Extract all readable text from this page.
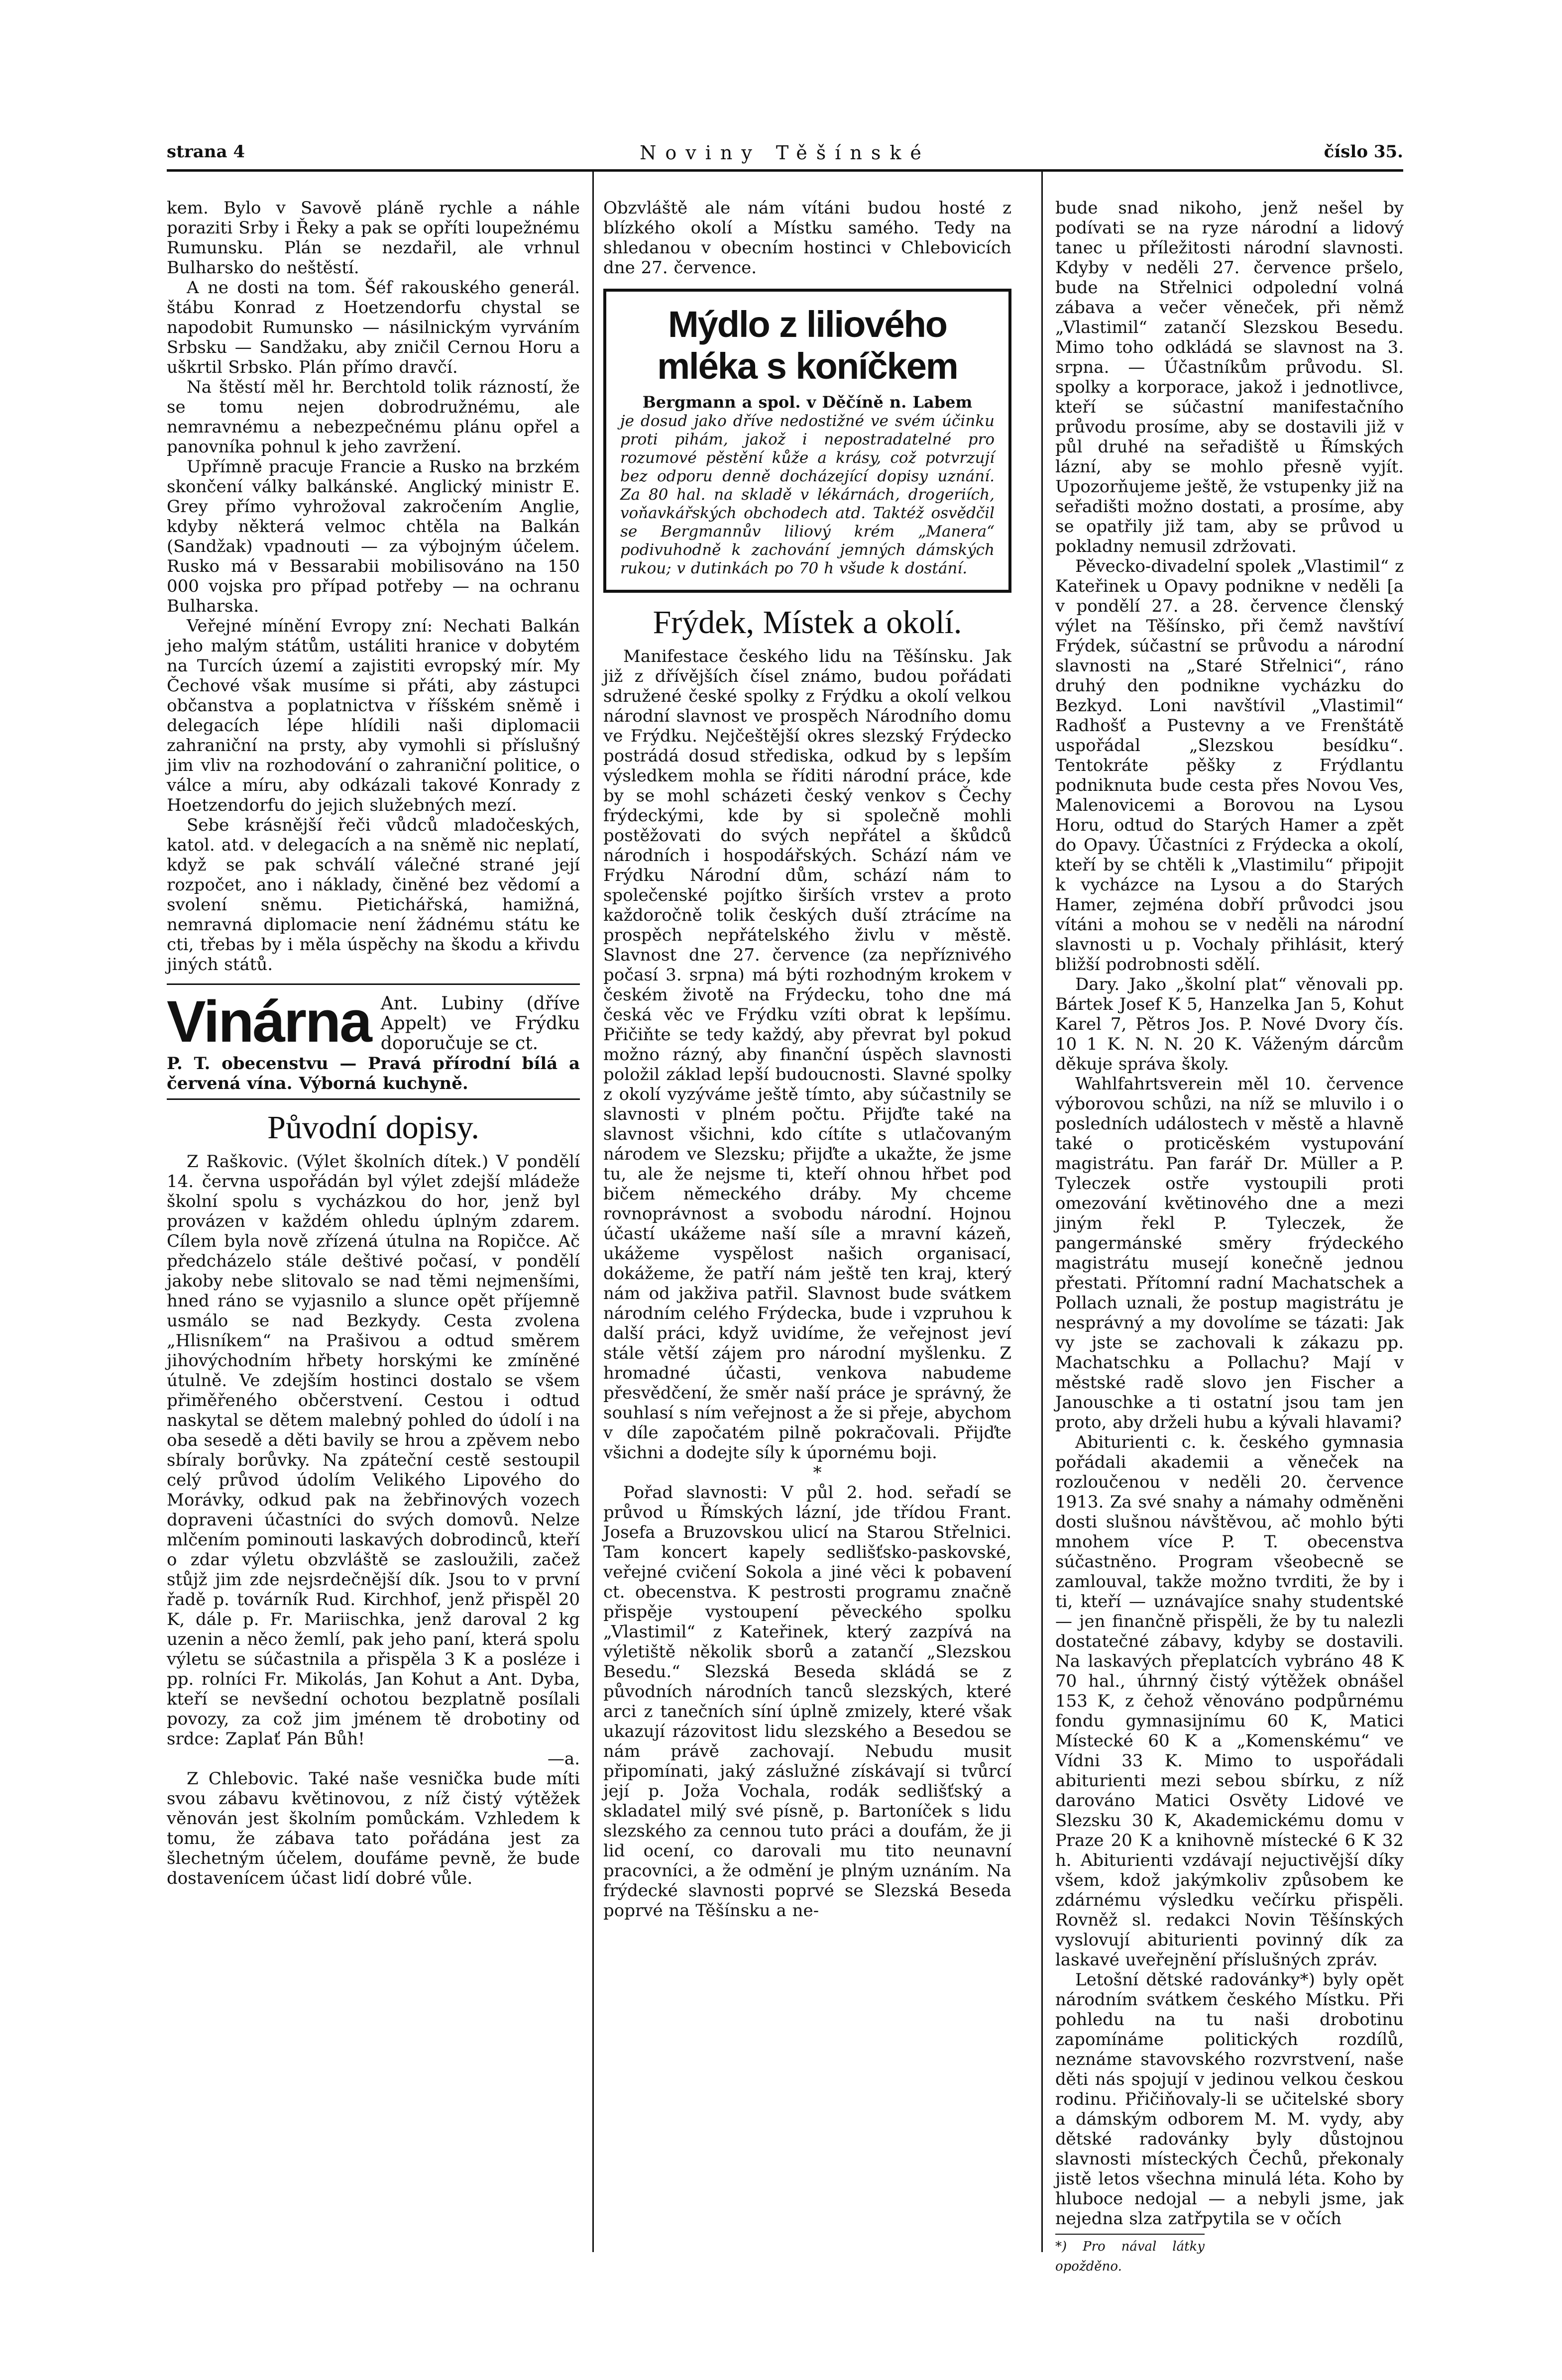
strana 4	Noviny Těšínské	číslo 35.

kem. Bylo v Savově plánĕ rychle a náhle poraziti Srby i Řeky a pak se opříti loupežnému Rumunsku. Plán se nezdařil, ale vrhnul Bulharsko do neštěstí.

A ne dosti na tom. Šéf rakouského generál. štábu Konrad z Hoetzendorfu chystal se napodobit Rumunsko — násilnickým vyrváním Srbsku — Sandžaku, aby zničil Cernou Horu a uškrtil Srbsko. Plán přímo dravčí.

Na štěstí měl hr. Berchtold tolik rázností, že se tomu nejen dobrodružnému, ale nemravnému a nebezpečnému plánu opřel a panovníka pohnul k jeho zavržení.

Upřímně pracuje Francie a Rusko na brzkém skončení války balkánské. Anglický ministr E. Grey přímo vyhrožoval zakročením Anglie, kdyby některá velmoc chtěla na Balkán (Sandžak) vpadnouti — za výbojným účelem. Rusko má v Bessarabii mobilisováno na 150 000 vojska pro případ potřeby — na ochranu Bulharska.

Veřejné mínění Evropy zní: Nechati Balkán jeho malým státům, ustáliti hranice v dobytém na Turcích území a zajistiti evropský mír. My Čechové však musíme si přáti, aby zástupci občanstva a poplatnictva v říšském sněmě i delegacích lépe hlídili naši diplomacii zahraniční na prsty, aby vymohli si příslušný jim vliv na rozhodování o zahraniční politice, o válce a míru, aby odkázali takové Konrady z Hoetzendorfu do jejich služebných mezí.

Sebe krásnější řeči vůdců mladočeských, katol. atd. v delegacích a na sněmě nic neplatí, když se pak schválí válečné strané její rozpočet, ano i náklady, činěné bez vědomí a svolení sněmu. Pietichářská, hamižná, nemravná diplomacie není žádnému státu ke cti, třebas by i měla úspěchy na škodu a křivdu jiných států.

Vinárna Ant. Lubiny (dříve Appelt) ve Frýdku doporučuje se ct.
P. T. obecenstvu — Pravá přírodní bílá a červená vína. Výborná kuchyně.
Původní dopisy.

Z Raškovic. (Výlet školních dítek.) V pondělí 14. června uspořádán byl výlet zdejší mládeže školní spolu s vycházkou do hor, jenž byl provázen v každém ohledu úplným zdarem. Cílem byla nově zřízená útulna na Ropičce. Ač předcházelo stále deštivé počasí, v pondělí jakoby nebe slitovalo se nad těmi nejmenšími, hned ráno se vyjasnilo a slunce opět příjemně usmálo se nad Bezkydy. Cesta zvolena „Hlisníkem“ na Prašivou a odtud směrem jihovýchodním hřbety horskými ke zmíněné útulně. Ve zdejším hostinci dostalo se všem přiměřeného občerstvení. Cestou i odtud naskytal se dětem malebný pohled do údolí i na oba sesedě a děti bavily se hrou a zpěvem nebo sbíraly borůvky. Na zpáteční cestě sestoupil celý průvod údolím Velikého Lipového do Morávky, odkud pak na žebřinových vozech dopraveni účastníci do svých domovů. Nelze mlčením pominouti laskavých dobrodinců, kteří o zdar výletu obzvláště se zasloužili, začež stůjž jim zde nejsrdečnější dík. Jsou to v první řadě p. továrník Rud. Kirchhof, jenž přispěl 20 K, dále p. Fr. Mariischka, jenž daroval 2 kg uzenin a něco žemlí, pak jeho paní, která spolu výletu se súčastnila a přispěla 3 K a posléze i pp. rolníci Fr. Mikolás, Jan Kohut a Ant. Dyba, kteří se nevšední ochotou bezplatně posílali povozy, za což jim jménem tě drobotiny od srdce: Zaplať Pán Bůh!

—a.

Z Chlebovic. Také naše vesnička bude míti svou zábavu květinovou, z níž čistý výtěžek věnován jest školním pomůckám. Vzhledem k tomu, že zábava tato pořádána jest za šlechetným účelem, doufáme pevně, že bude dostavenícem účast lidí dobré vůle.

Obzvláště ale nám vítáni budou hosté z blízkého okolí a Místku samého. Tedy na shledanou v obecním hostinci v Chlebovicích dne 27. července.

Mýdlo z liliového mléka s koníčkem
Bergmann a spol. v Děčíně n. Labem
je dosud jako dříve nedostižné ve svém účinku proti pihám, jakož i nepostradatelné pro rozumové pěstění kůže a krásy, což potvrzují bez odporu denně docházející dopisy uznání. Za 80 hal. na skladě v lékárnách, drogeriích, voňavkářských obchodech atd. Taktéž osvědčil se Bergmannův liliový krém „Manera“ podivuhodně k zachování jemných dámských rukou; v dutinkách po 70 h všude k dostání.
Frýdek, Místek a okolí.

Manifestace českého lidu na Těšínsku. Jak již z dřívějších čísel známo, budou pořádati sdružené české spolky z Frýdku a okolí velkou národní slavnost ve prospěch Národního domu ve Frýdku. Nejčeštější okres slezský Frýdecko postrádá dosud střediska, odkud by s lepším výsledkem mohla se říditi národní práce, kde by se mohl scházeti český venkov s Čechy frýdeckými, kde by si společně mohli postěžovati do svých nepřátel a škůdců národních i hospodářských. Schází nám ve Frýdku Národní dům, schází nám to společenské pojítko širších vrstev a proto každoročně tolik českých duší ztrácíme na prospěch nepřátelského živlu v městě. Slavnost dne 27. července (za nepříznivého počasí 3. srpna) má býti rozhodným krokem v českém životě na Frýdecku, toho dne má česká věc ve Frýdku vzíti obrat k lepšímu. Přičiňte se tedy každý, aby převrat byl pokud možno rázný, aby finanční úspěch slavnosti položil základ lepší budoucnosti. Slavné spolky z okolí vyzýváme ještě tímto, aby súčastnily se slavnosti v plném počtu. Přijďte také na slavnost všichni, kdo cítíte s utlačovaným národem ve Slezsku; přijďte a ukažte, že jsme tu, ale že nejsme ti, kteří ohnou hřbet pod bičem německého dráby. My chceme rovnoprávnost a svobodu národní. Hojnou účastí ukážeme naší síle a mravní kázeň, ukážeme vyspělost našich organisací, dokážeme, že patří nám ještě ten kraj, který nám od jakživa patřil. Slavnost bude svátkem národním celého Frýdecka, bude i vzpruhou k další práci, když uvidíme, že veřejnost jeví stále větší zájem pro národní myšlenku. Z hromadné účasti, venkova nabudeme přesvědčení, že směr naší práce je správný, že souhlasí s ním veřejnost a že si přeje, abychom v díle započatém pilně pokračovali. Přijďte všichni a dodejte síly k úpornému boji.

*

Pořad slavnosti: V půl 2. hod. seřadí se průvod u Římských lázní, jde třídou Frant. Josefa a Bruzovskou ulicí na Starou Střelnici. Tam koncert kapely sedlišťsko-paskovské, veřejné cvičení Sokola a jiné věci k pobavení ct. obecenstva. K pestrosti programu značně přispěje vystoupení pěveckého spolku „Vlastimil“ z Kateřinek, který zazpívá na výletiště několik sborů a zatančí „Slezskou Besedu.“ Slezská Beseda skládá se z původních národních tanců slezských, které arci z tanečních síní úplně zmizely, které však ukazují rázovitost lidu slezského a Besedou se nám právě zachovají. Nebudu musit připomínati, jaký záslužné získávají si tvůrcí její p. Joža Vochala, rodák sedlišťský a skladatel milý své písně, p. Bartoníček s lidu slezského za cennou tuto práci a doufám, že ji lid ocení, co darovali mu tito neunavní pracovníci, a že odmění je plným uznáním. Na frýdecké slavnosti poprvé se Slezská Beseda poprvé na Těšínsku a ne-

bude snad nikoho, jenž nešel by podívati se na ryze národní a lidový tanec u příležitosti národní slavnosti. Kdyby v neděli 27. července pršelo, bude na Střelnici odpolední volná zábava a večer věneček, při němž „Vlastimil“ zatančí Slezskou Besedu. Mimo toho odkládá se slavnost na 3. srpna. — Účastníkům průvodu. Sl. spolky a korporace, jakož i jednotlivce, kteří se súčastní manifestačního průvodu prosíme, aby se dostavili již v půl druhé na seřadiště u Římských lázní, aby se mohlo přesně vyjít. Upozorňujeme ještě, že vstupenky již na seřadišti možno dostati, a prosíme, aby se opatřily již tam, aby se průvod u pokladny nemusil zdržovati.

Pěvecko-divadelní spolek „Vlastimil“ z Kateřinek u Opavy podnikne v neděli [a v pondělí 27. a 28. července členský výlet na Těšínsko, při čemž navštíví Frýdek, súčastní se průvodu a národní slavnosti na „Staré Střelnici“, ráno druhý den podnikne vycházku do Bezkyd. Loni navštívil „Vlastimil“ Radhošť a Pustevny a ve Frenštátě uspořádal „Slezskou besídku“. Tentokráte pěšky z Frýdlantu podniknuta bude cesta přes Novou Ves, Malenovicemi a Borovou na Lysou Horu, odtud do Starých Hamer a zpět do Opavy. Účastníci z Frýdecka a okolí, kteří by se chtěli k „Vlastimilu“ připojit k vycházce na Lysou a do Starých Hamer, zejména dobří průvodci jsou vítáni a mohou se v neděli na národní slavnosti u p. Vochaly přihlásit, který bližší podrobnosti sdělí.

Dary. Jako „školní plat“ věnovali pp. Bártek Josef K 5, Hanzelka Jan 5, Kohut Karel 7, Pětros Jos. P. Nové Dvory čís. 10 1 K. N. N. 20 K. Váženým dárcům děkuje správa školy.

Wahlfahrtsverein měl 10. července výborovou schůzi, na níž se mluvilo i o posledních událostech v městě a hlavně také o proticěském vystupování magistrátu. Pan farář Dr. Müller a P. Tyleczek ostře vystoupili proti omezování květinového dne a mezi jiným řekl P. Tyleczek, že pangermánské směry frýdeckého magistrátu musejí konečně jednou přestati. Přítomní radní Machatschek a Pollach uznali, že postup magistrátu je nesprávný a my dovolíme se tázati: Jak vy jste se zachovali k zákazu pp. Machatschku a Pollachu? Mají v městské radě slovo jen Fischer a Janouschke a ti ostatní jsou tam jen proto, aby drželi hubu a kývali hlavami?

Abiturienti c. k. českého gymnasia pořádali akademii a věneček na rozloučenou v neděli 20. července 1913. Za své snahy a námahy odměněni dosti slušnou návštěvou, ač mohlo býti mnohem více P. T. obecenstva súčastněno. Program všeobecně se zamlouval, takže možno tvrditi, že by i ti, kteří — uznávajíce snahy studentské — jen finančně přispěli, že by tu nalezli dostatečné zábavy, kdyby se dostavili. Na laskavých přeplatcích vybráno 48 K 70 hal., úhrnný čistý výtěžek obnášel 153 K, z čehož věnováno podpůrnému fondu gymnasijnímu 60 K, Matici Místecké 60 K a „Komenskému“ ve Vídni 33 K. Mimo to uspořádali abiturienti mezi sebou sbírku, z níž darováno Matici Osvěty Lidové ve Slezsku 30 K, Akademickému domu v Praze 20 K a knihovně místecké 6 K 32 h. Abiturienti vzdávají nejuctivější díky všem, kdož jakýmkoliv způsobem ke zdárnému výsledku večírku přispěli. Rovněž sl. redakci Novin Těšínských vyslovují abiturienti povinný dík za laskavé uveřejnění příslušných zpráv.

Letošní dětské radovánky*) byly opět národním svátkem českého Místku. Při pohledu na tu naši drobotinu zapomínáme politických rozdílů, neznáme stavovského rozvrstvení, naše děti nás spojují v jedinou velkou českou rodinu. Přičiňovaly-li se učitelské sbory a dámským odborem M. M. vydy, aby dětské radovánky byly důstojnou slavnosti místeckých Čechů, překonaly jistě letos všechna minulá léta. Koho by hluboce nedojal — a nebyli jsme, jak nejedna slza zatřpytila se v očích

*) Pro nával látky opožděno.
